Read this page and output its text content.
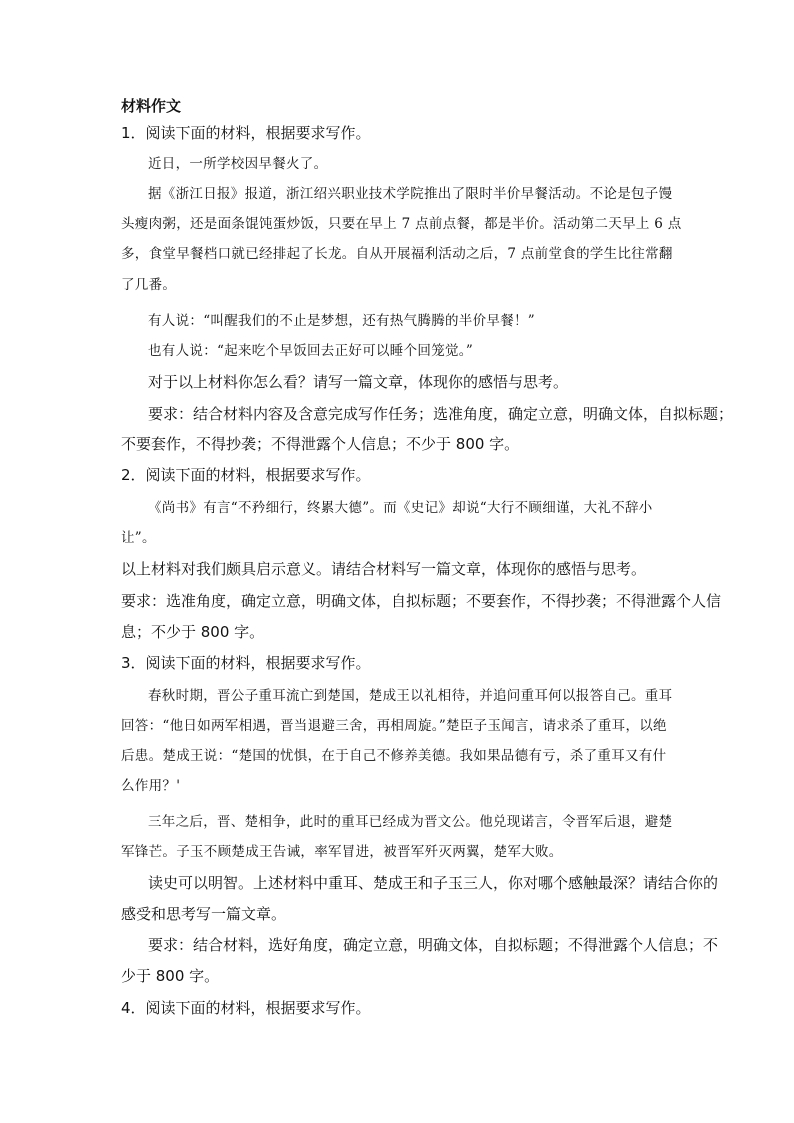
材料作文
1．阅读下面的材料，根据要求写作。
近日，一所学校因早餐火了。
据《浙江日报》报道，浙江绍兴职业技术学院推出了限时半价早餐活动。不论是包子馒
头瘦肉粥，还是面条馄饨蛋炒饭，只要在早上 7 点前点餐，都是半价。活动第二天早上 6 点
多，食堂早餐档口就已经排起了长龙。自从开展福利活动之后，7 点前堂食的学生比往常翻
了几番。
有人说：“叫醒我们的不止是梦想，还有热气腾腾的半价早餐！”
也有人说：“起来吃个早饭回去正好可以睡个回笼觉。”
对于以上材料你怎么看？请写一篇文章，体现你的感悟与思考。
要求：结合材料内容及含意完成写作任务；选准角度，确定立意，明确文体，自拟标题；
不要套作，不得抄袭；不得泄露个人信息；不少于 800 字。
2．阅读下面的材料，根据要求写作。
《尚书》有言“不矜细行，终累大德”。而《史记》却说“大行不顾细谨，大礼不辞小
让”。
以上材料对我们颇具启示意义。请结合材料写一篇文章，体现你的感悟与思考。
要求：选准角度，确定立意，明确文体，自拟标题；不要套作，不得抄袭；不得泄露个人信
息；不少于 800 字。
3．阅读下面的材料，根据要求写作。
春秋时期，晋公子重耳流亡到楚国，楚成王以礼相待，并追问重耳何以报答自己。重耳
回答：“他日如两军相遇，晋当退避三舍，再相周旋。”楚臣子玉闻言，请求杀了重耳，以绝
后患。楚成王说：“楚国的忧惧，在于自己不修养美德。我如果品德有亏，杀了重耳又有什
么作用？'
三年之后，晋、楚相争，此时的重耳已经成为晋文公。他兑现诺言，令晋军后退，避楚
军锋芒。子玉不顾楚成王告诫，率军冒进，被晋军歼灭两翼，楚军大败。
读史可以明智。上述材料中重耳、楚成王和子玉三人，你对哪个感触最深？请结合你的
感受和思考写一篇文章。
要求：结合材料，选好角度，确定立意，明确文体，自拟标题；不得泄露个人信息；不
少于 800 字。
4．阅读下面的材料，根据要求写作。
